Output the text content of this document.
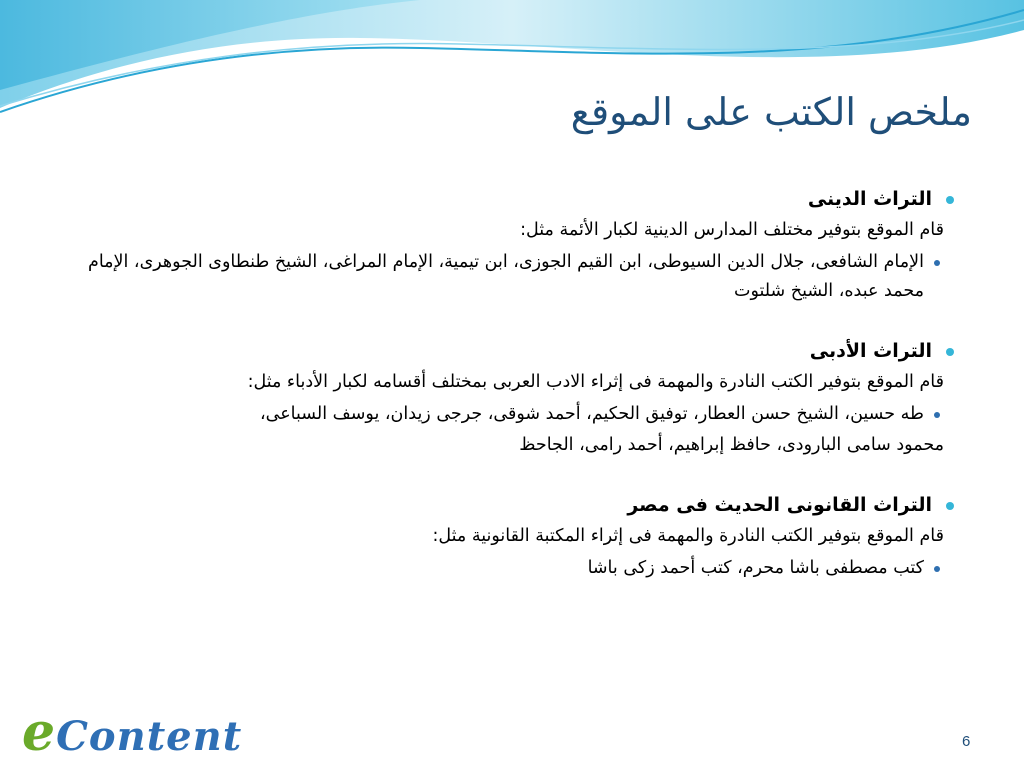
ملخص الكتب على الموقع
التراث الدينى
قام الموقع بتوفير مختلف المدارس الدينية لكبار الأئمة مثل:
الإمام الشافعى، جلال الدين السيوطى، ابن القيم الجوزى، ابن تيمية، الإمام المراغى، الشيخ طنطاوى الجوهرى، الإمام محمد عبده، الشيخ شلتوت
التراث الأدبى
قام الموقع بتوفير الكتب النادرة والمهمة فى إثراء الادب العربى بمختلف أقسامه لكبار الأدباء مثل:
طه حسين، الشيخ حسن العطار، توفيق الحكيم، أحمد شوقى، جرجى زيدان، يوسف السباعى،
محمود سامى البارودى، حافظ إبراهيم، أحمد رامى، الجاحظ
التراث القانونى الحديث فى مصر
قام الموقع بتوفير الكتب النادرة والمهمة فى إثراء المكتبة القانونية مثل:
كتب مصطفى باشا محرم، كتب أحمد زكى باشا
eContent	6
